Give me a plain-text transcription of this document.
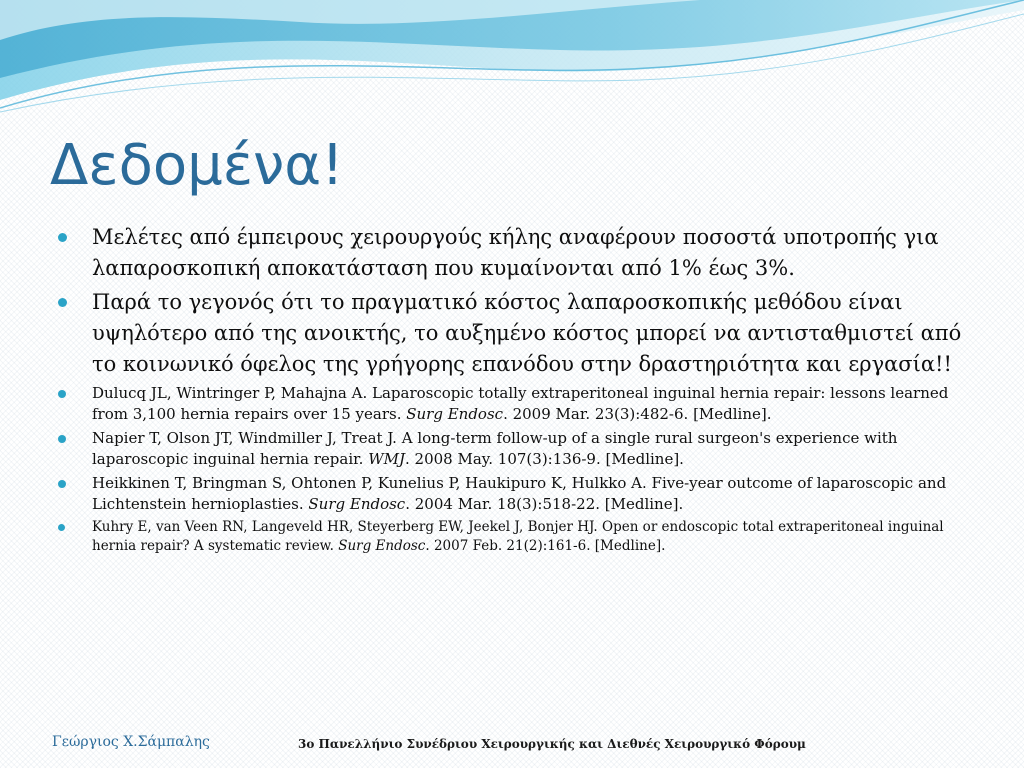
Δεδομένα!
Μελέτες από έμπειρους χειρουργούς κήλης αναφέρουν ποσοστά υποτροπής για λαπαροσκοπική αποκατάσταση που κυμαίνονται από 1% έως 3%.
Παρά το γεγονός ότι το πραγματικό κόστος λαπαροσκοπικής μεθόδου είναι υψηλότερο από της ανοικτής, το αυξημένο κόστος μπορεί να αντισταθμιστεί από το κοινωνικό όφελος της γρήγορης επανόδου στην δραστηριότητα και εργασία!!
Dulucq JL, Wintringer P, Mahajna A. Laparoscopic totally extraperitoneal inguinal hernia repair: lessons learned from 3,100 hernia repairs over 15 years. Surg Endosc. 2009 Mar. 23(3):482-6. [Medline].
Napier T, Olson JT, Windmiller J, Treat J. A long-term follow-up of a single rural surgeon's experience with laparoscopic inguinal hernia repair. WMJ. 2008 May. 107(3):136-9. [Medline].
Heikkinen T, Bringman S, Ohtonen P, Kunelius P, Haukipuro K, Hulkko A. Five-year outcome of laparoscopic and Lichtenstein hernioplasties. Surg Endosc. 2004 Mar. 18(3):518-22. [Medline].
Kuhry E, van Veen RN, Langeveld HR, Steyerberg EW, Jeekel J, Bonjer HJ. Open or endoscopic total extraperitoneal inguinal hernia repair? A systematic review. Surg Endosc. 2007 Feb. 21(2):161-6. [Medline].
Γεώργιος Χ.Σάμπαλης	3ο Πανελλήνιο Συνέδριου Χειρουργικής και Διεθνές Χειρουργικό Φόρουμ
